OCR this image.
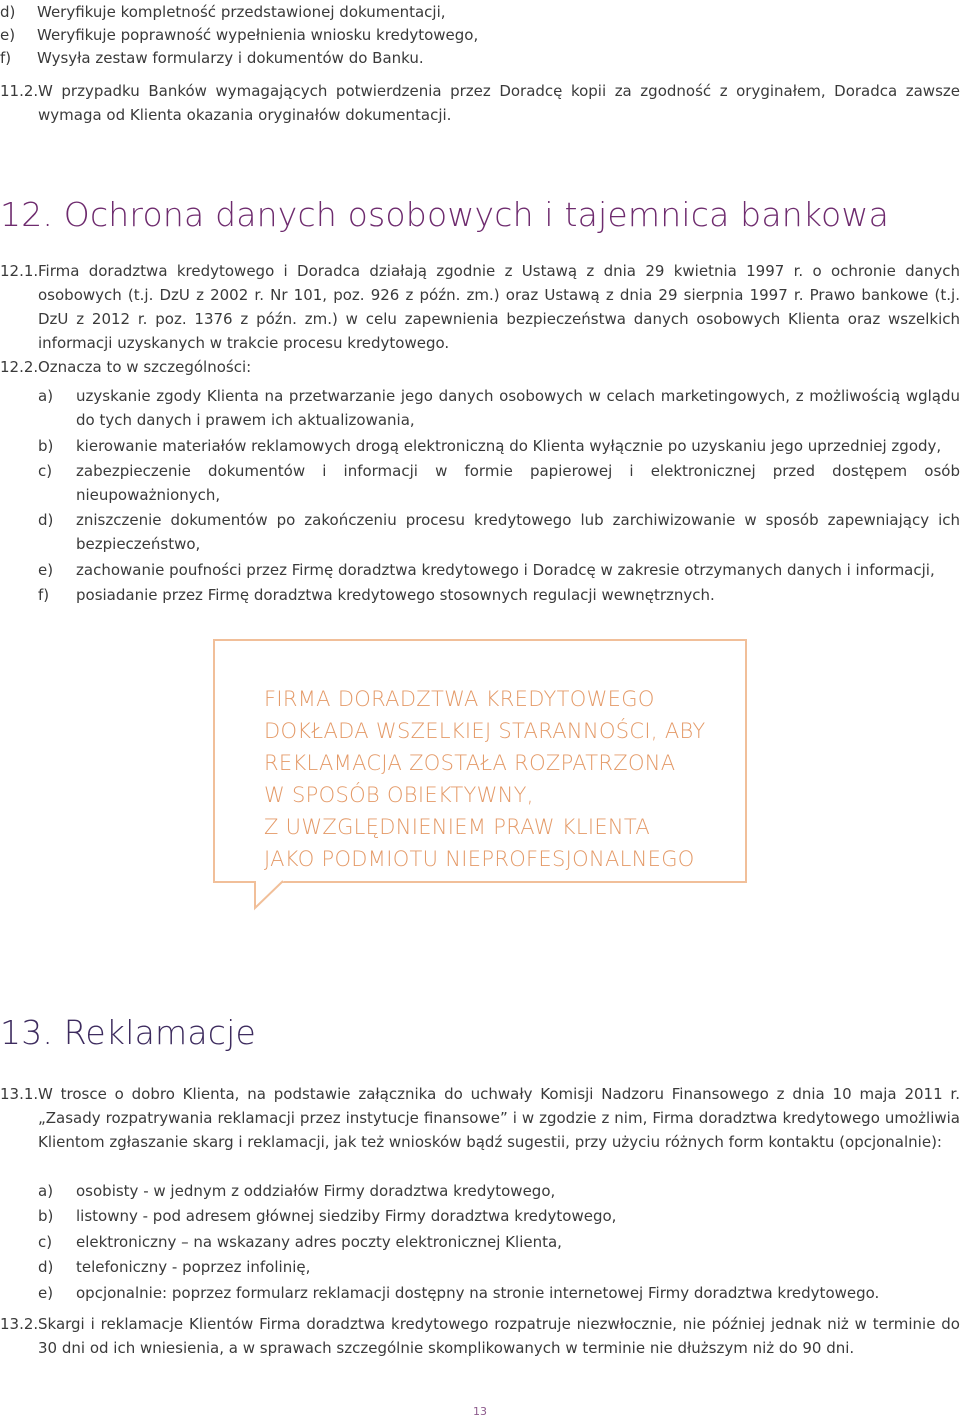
d)	Weryfikuje kompletność przedstawionej dokumentacji,
e)	Weryfikuje poprawność wypełnienia wniosku kredytowego,
f)	Wysyła zestaw formularzy i dokumentów do Banku.
11.2. W przypadku Banków wymagających potwierdzenia przez Doradcę kopii za zgodność z oryginałem, Doradca zawsze wymaga od Klienta okazania oryginałów dokumentacji.
12. Ochrona danych osobowych i tajemnica bankowa
12.1. Firma doradztwa kredytowego i Doradca działają zgodnie z Ustawą z dnia 29 kwietnia 1997 r. o ochronie danych osobowych (t.j. DzU z 2002 r. Nr 101, poz. 926 z późn. zm.) oraz Ustawą z dnia 29 sierpnia 1997 r. Prawo bankowe (t.j. DzU z 2012 r. poz. 1376 z późn. zm.) w celu zapewnienia bezpieczeństwa danych osobowych Klienta oraz wszelkich informacji uzyskanych w trakcie procesu kredytowego.
12.2. Oznacza to w szczególności:
a)	uzyskanie zgody Klienta na przetwarzanie jego danych osobowych w celach marketingowych, z możliwością wglądu do tych danych i prawem ich aktualizowania,
b)	kierowanie materiałów reklamowych drogą elektroniczną do Klienta wyłącznie po uzyskaniu jego uprzedniej zgody,
c)	zabezpieczenie dokumentów i informacji w formie papierowej i elektronicznej przed dostępem osób nieupoważnionych,
d)	zniszczenie dokumentów po zakończeniu procesu kredytowego lub zarchiwizowanie w sposób zapewniający ich bezpieczeństwo,
e)	zachowanie poufności przez Firmę doradztwa kredytowego i Doradcę w zakresie otrzymanych danych i informacji,
f)	posiadanie przez Firmę doradztwa kredytowego stosownych regulacji wewnętrznych.
FIRMA DORADZTWA KREDYTOWEGO
DOKŁADA WSZELKIEJ STARANNOŚCI, ABY
REKLAMACJA ZOSTAŁA ROZPATRZONA
W SPOSÓB OBIEKTYWNY,
Z UWZGLĘDNIENIEM PRAW KLIENTA
JAKO PODMIOTU NIEPROFESJONALNEGO
13. Reklamacje
13.1. W trosce o dobro Klienta, na podstawie załącznika do uchwały Komisji Nadzoru Finansowego z dnia 10 maja 2011 r. „Zasady rozpatrywania reklamacji przez instytucje finansowe” i w zgodzie z nim, Firma doradztwa kredytowego umożliwia Klientom zgłaszanie skarg i reklamacji, jak też wniosków bądź sugestii, przy użyciu różnych form kontaktu (opcjonalnie):
a)	osobisty - w jednym z oddziałów Firmy doradztwa kredytowego,
b)	listowny - pod adresem głównej siedziby Firmy doradztwa kredytowego,
c)	elektroniczny – na wskazany adres poczty elektronicznej Klienta,
d)	telefoniczny - poprzez infolinię,
e)	opcjonalnie: poprzez formularz reklamacji dostępny na stronie internetowej Firmy doradztwa kredytowego.
13.2. Skargi i reklamacje Klientów Firma doradztwa kredytowego rozpatruje niezwłocznie, nie później jednak niż w terminie do 30 dni od ich wniesienia, a w sprawach szczególnie skomplikowanych w terminie nie dłuższym niż do 90 dni.
13
